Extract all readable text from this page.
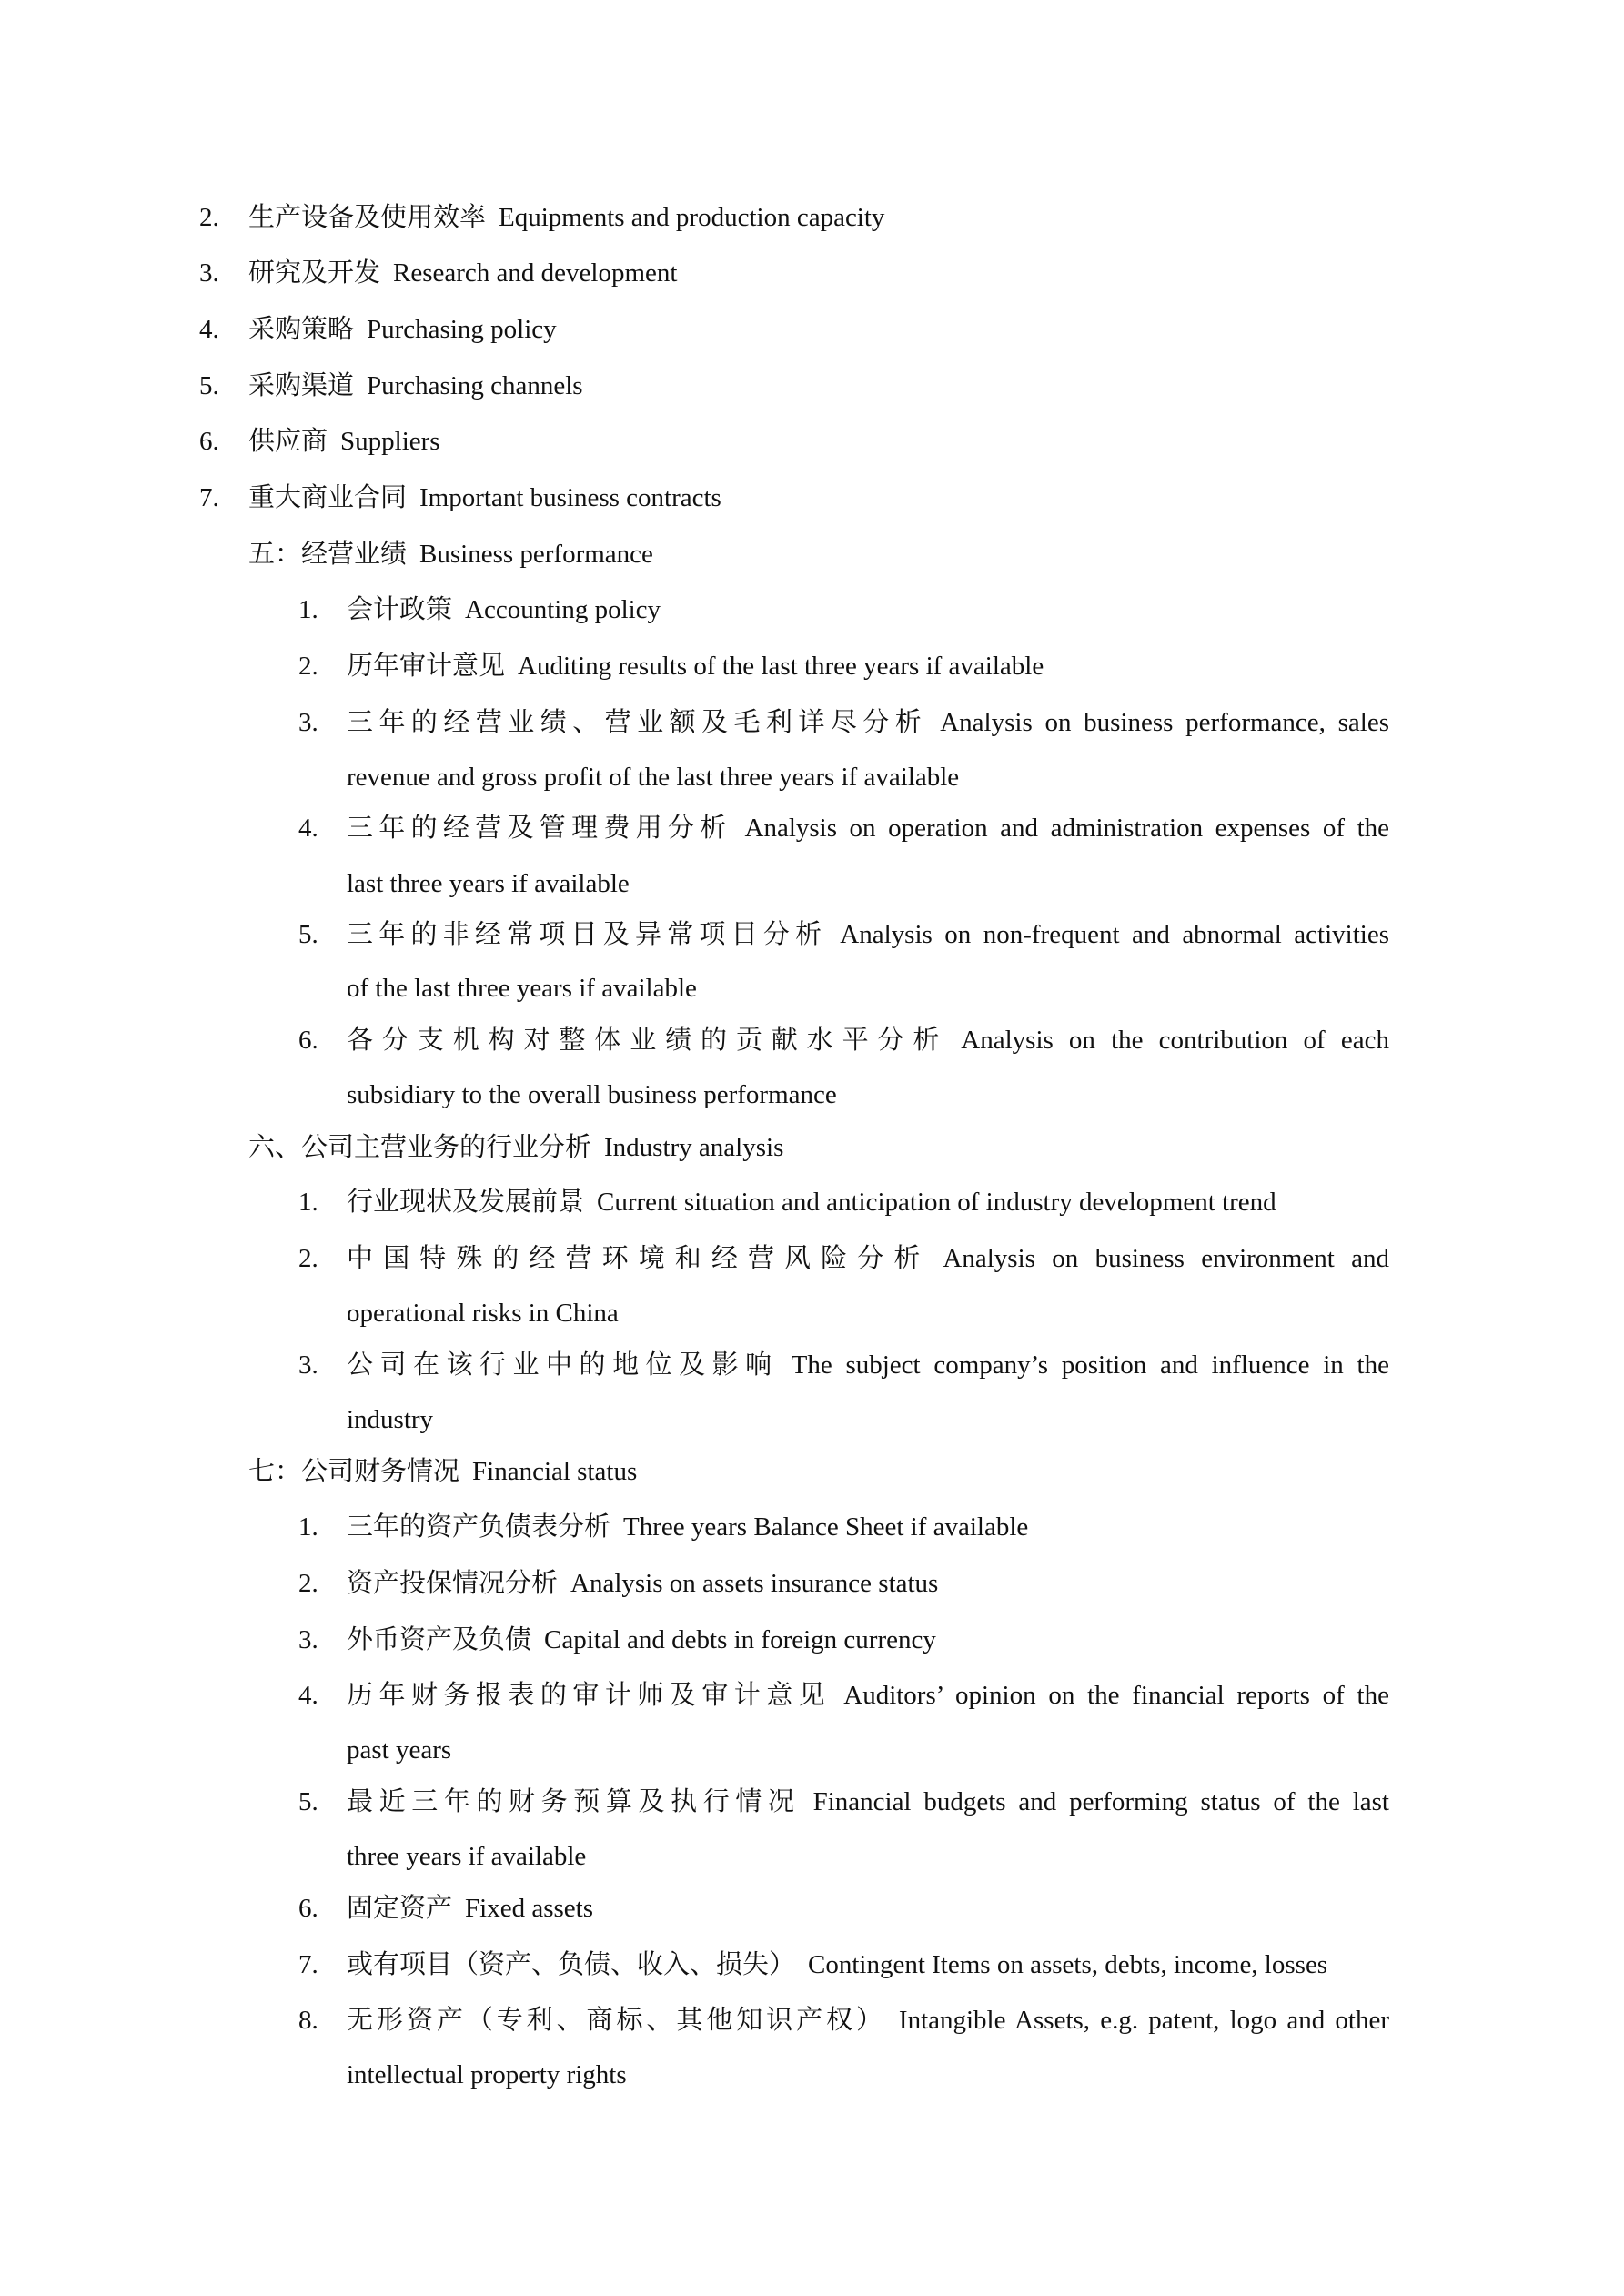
2. 生产设备及使用效率 Equipments and production capacity
3. 研究及开发 Research and development
4. 采购策略 Purchasing policy
5. 采购渠道 Purchasing channels
6. 供应商 Suppliers
7. 重大商业合同 Important business contracts
五：经营业绩 Business performance
1. 会计政策 Accounting policy
2. 历年审计意见 Auditing results of the last three years if available
3. 三年的经营业绩、营业额及毛利详尽分析 Analysis on business performance, sales
revenue and gross profit of the last three years if available
4. 三年的经营及管理费用分析 Analysis on operation and administration expenses of the
last three years if available
5. 三年的非经常项目及异常项目分析 Analysis on non-frequent and abnormal activities
of the last three years if available
6. 各分支机构对整体业绩的贡献水平分析 Analysis on the contribution of each
subsidiary to the overall business performance
六、公司主营业务的行业分析 Industry analysis
1. 行业现状及发展前景 Current situation and anticipation of industry development trend
2. 中国特殊的经营环境和经营风险分析 Analysis on business environment and
operational risks in China
3. 公司在该行业中的地位及影响 The subject company’s position and influence in the
industry
七：公司财务情况 Financial status
1. 三年的资产负债表分析 Three years Balance Sheet if available
2. 资产投保情况分析 Analysis on assets insurance status
3. 外币资产及负债 Capital and debts in foreign currency
4. 历年财务报表的审计师及审计意见 Auditors’ opinion on the financial reports of the
past years
5. 最近三年的财务预算及执行情况 Financial budgets and performing status of the last
three years if available
6. 固定资产 Fixed assets
7. 或有项目（资产、负债、收入、损失） Contingent Items on assets, debts, income, losses
8. 无形资产（专利、商标、其他知识产权） Intangible Assets, e.g. patent, logo and other
intellectual property rights
